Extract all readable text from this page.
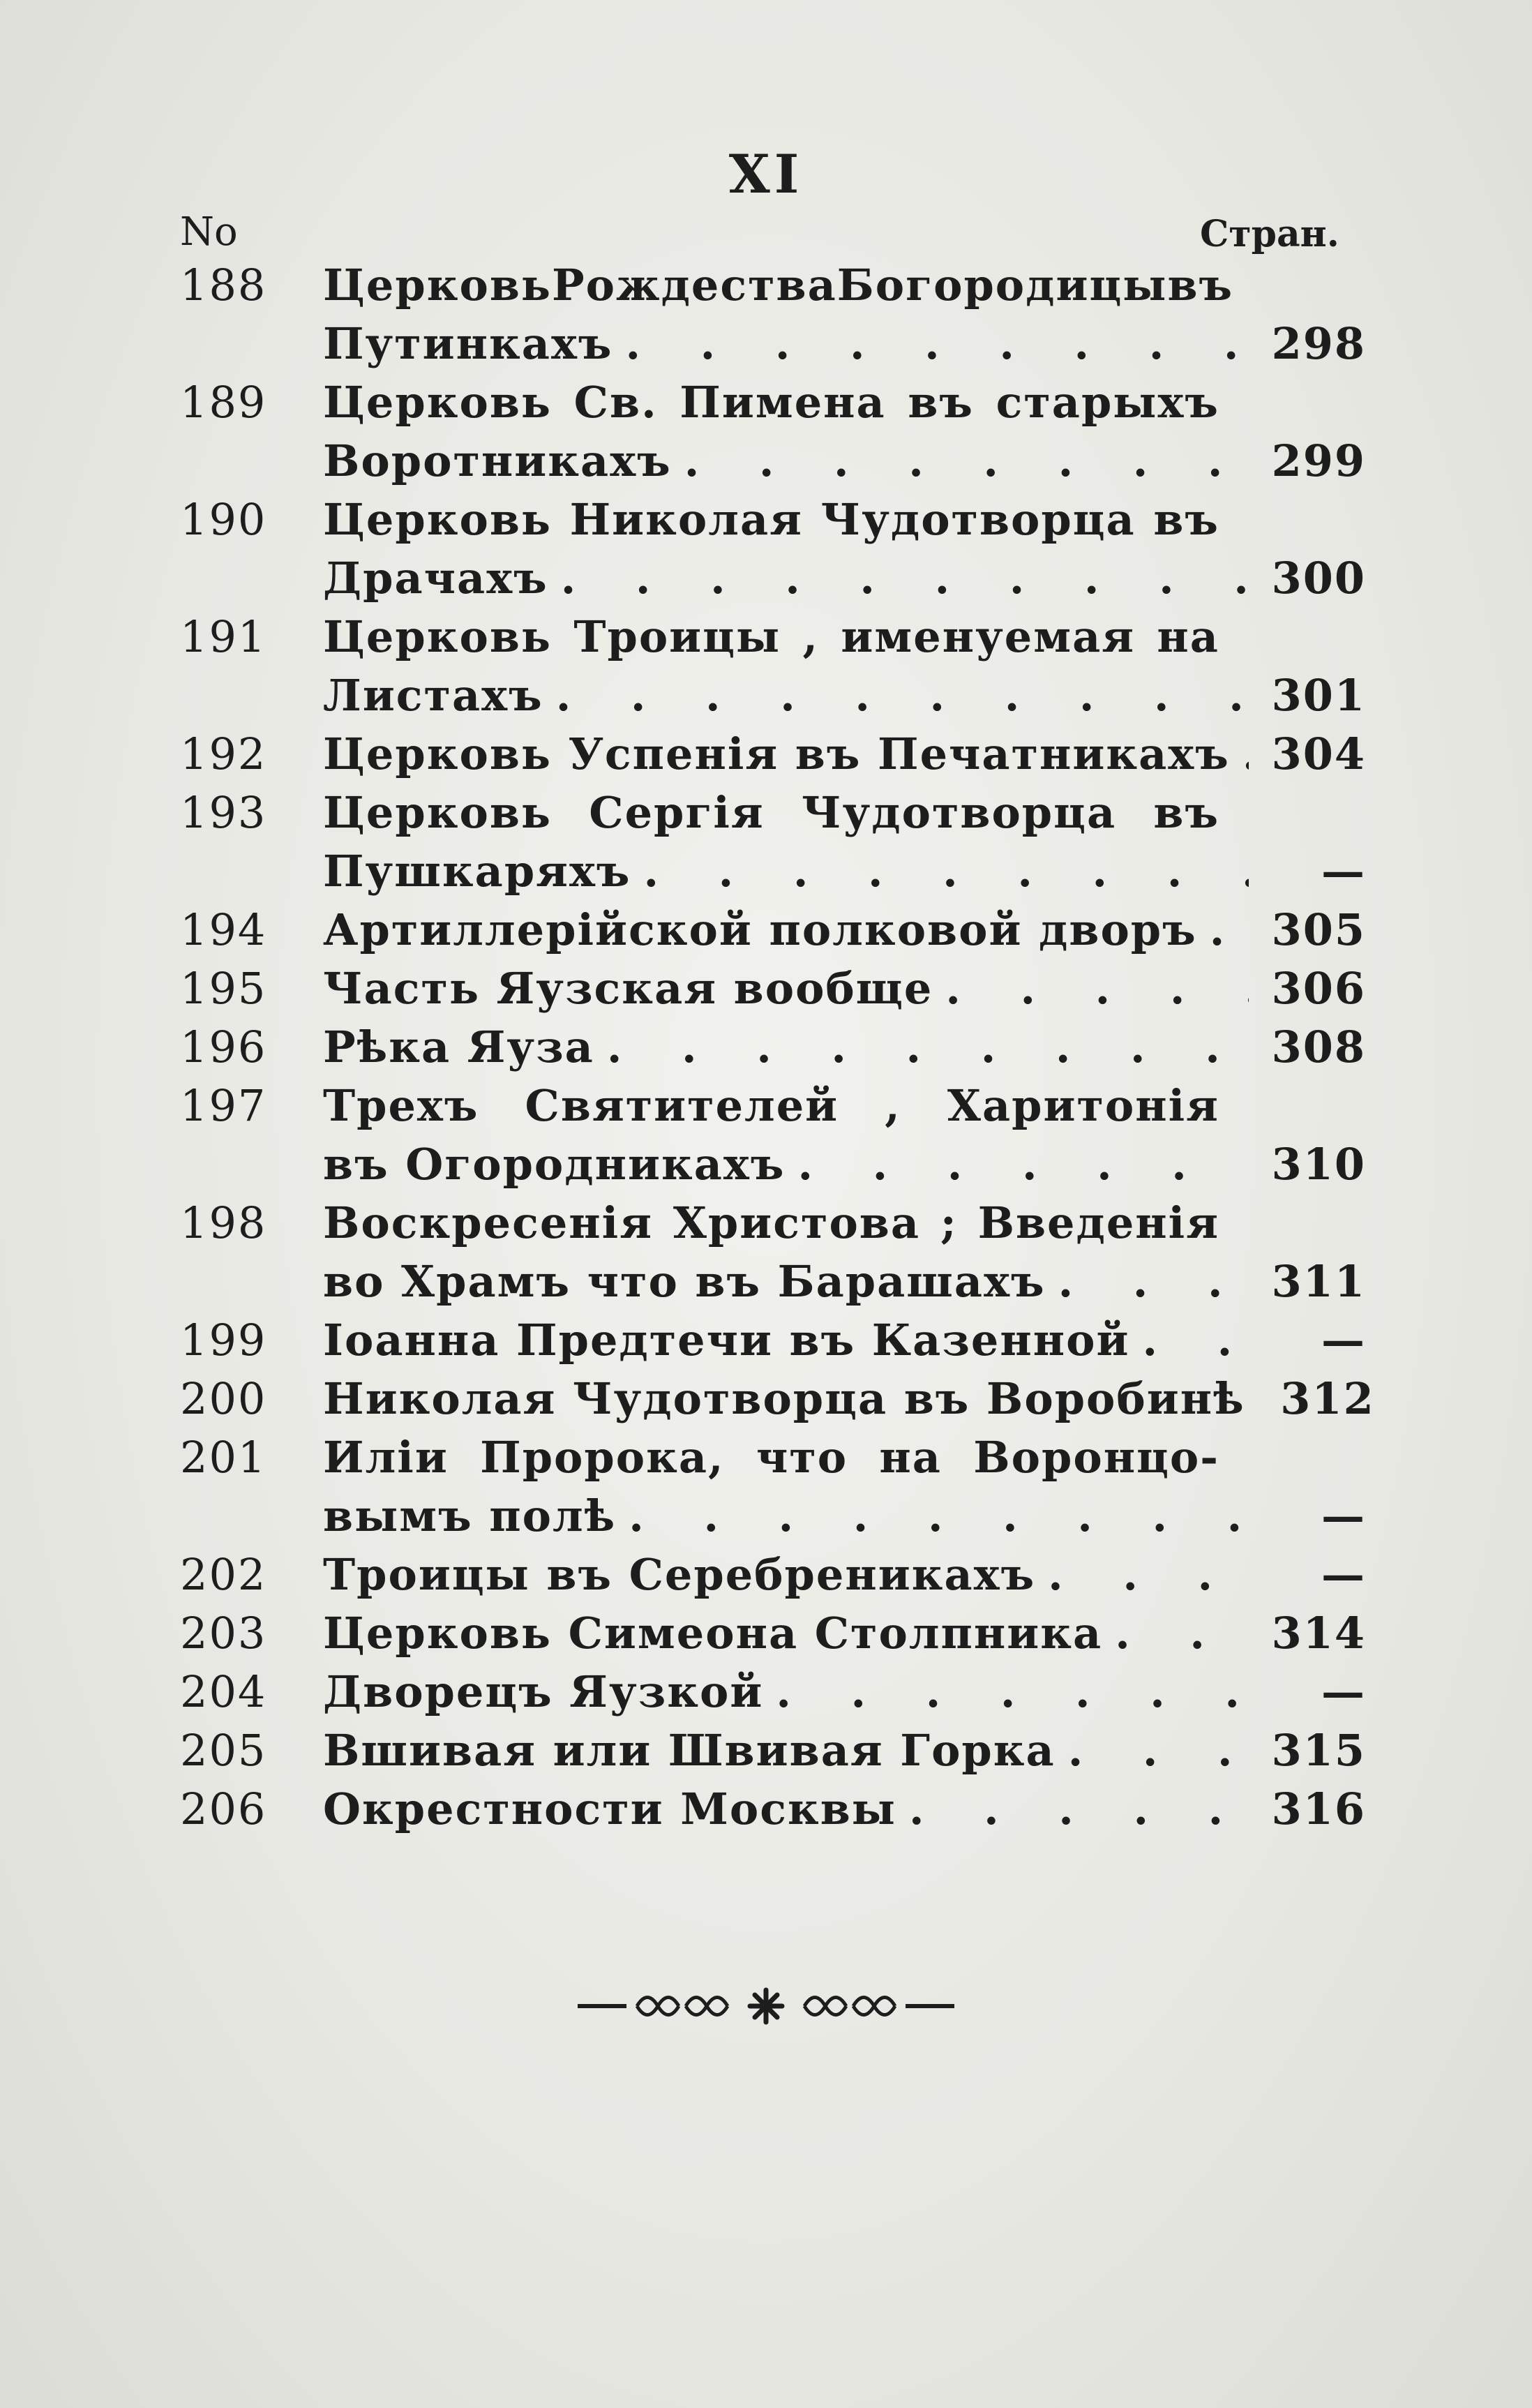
XI
No	Стран.
188	Церковь Рождества Богородицы въ
Путинкахъ . . .	298
189	Церковь Св. Пимена въ старыхъ
Воротникахъ . . .	299
190	Церковь Николая Чудотворца въ
Драчахъ . . .	300
191	Церковь Троицы , именуемая на
Листахъ . . .	301
192	Церковь Успенія въ Печатникахъ . . . 304
193	Церковь Сергія Чудотворца въ
Пушкаряхъ . . .	—
194	Артиллерійской полковой дворъ . . . 305
195	Часть Яузская вообще . . .	306
196	Рѣка Яуза . . .	308
197	Трехъ Святителей , Харитонія
въ Огородникахъ . . .	310
198	Воскресенія Христова ; Введенія
во Храмъ что въ Барашахъ . . .	311
199	Іоанна Предтечи въ Казенной . . .	—
200	Николая Чудотворца въ Воробинѣ 312
201	Иліи Пророка, что на Воронцо-
вымъ полѣ . . .	—
202	Троицы въ Серебреникахъ . . .	—
203	Церковь Симеона Столпника . . .	314
204	Дворецъ Яузкой . . .	—
205	Вшивая или Швивая Горка . . .	315
206	Окрестности Москвы . . .	316
